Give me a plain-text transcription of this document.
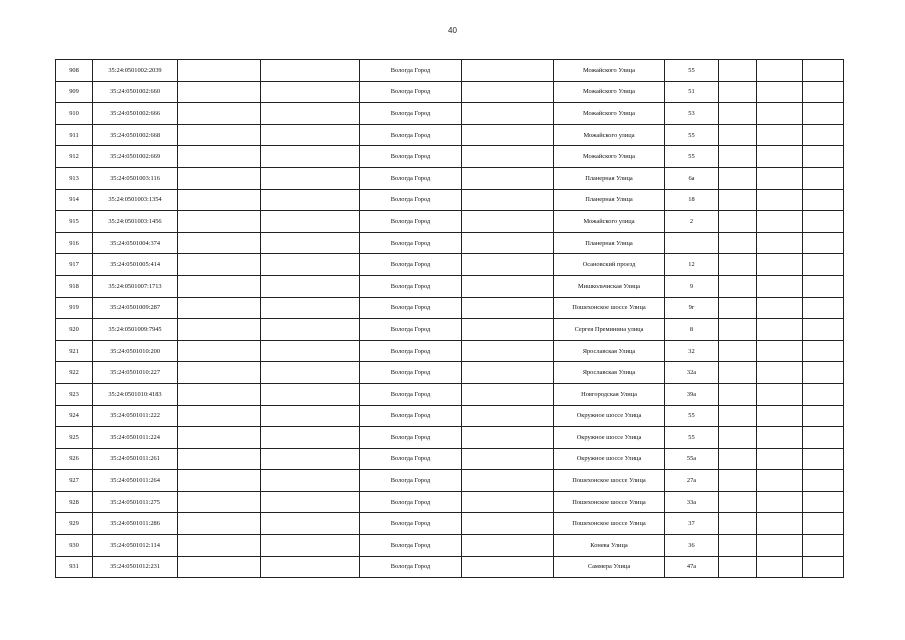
40
908	35:24:0501002:2039			Вологда Город		Можайского Улица	55			
909	35:24:0501002:660			Вологда Город		Можайского Улица	51			
910	35:24:0501002:666			Вологда Город		Можайского Улица	53			
911	35:24:0501002:668			Вологда Город		Можайского улица	55			
912	35:24:0501002:669			Вологда Город		Можайского Улица	55			
913	35:24:0501003:116			Вологда Город		Планерная Улица	6а			
914	35:24:0501003:1354			Вологда Город		Планерная Улица	18			
915	35:24:0501003:1456			Вологда Город		Можайского улица	2			
916	35:24:0501004:374			Вологда Город		Планерная Улица				
917	35:24:0501005:414			Вологда Город		Осановский проезд	12			
918	35:24:0501007:1713			Вологда Город		Мишкольчиская Улица	9			
919	35:24:0501009:287			Вологда Город		Пошехонское шоссе Улица	9г			
920	35:24:0501009:7945			Вологда Город		Сергея Преминина улица	8			
921	35:24:0501010:200			Вологда Город		Ярославская Улица	32			
922	35:24:0501010:227			Вологда Город		Ярославская Улица	32а			
923	35:24:0501010:4183			Вологда Город		Новгородская Улица	39а			
924	35:24:0501011:222			Вологда Город		Окружное шоссе Улица	55			
925	35:24:0501011:224			Вологда Город		Окружное шоссе Улица	55			
926	35:24:0501011:261			Вологда Город		Окружное шоссе Улица	55а			
927	35:24:0501011:264			Вологда Город		Пошехонское шоссе Улица	27а			
928	35:24:0501011:275			Вологда Город		Пошехонское шоссе Улица	33а			
929	35:24:0501011:286			Вологда Город		Пошехонское шоссе Улица	37			
930	35:24:0501012:114			Вологда Город		Конева Улица	36			
931	35:24:0501012:231			Вологда Город		Саммера Улица	47а			
